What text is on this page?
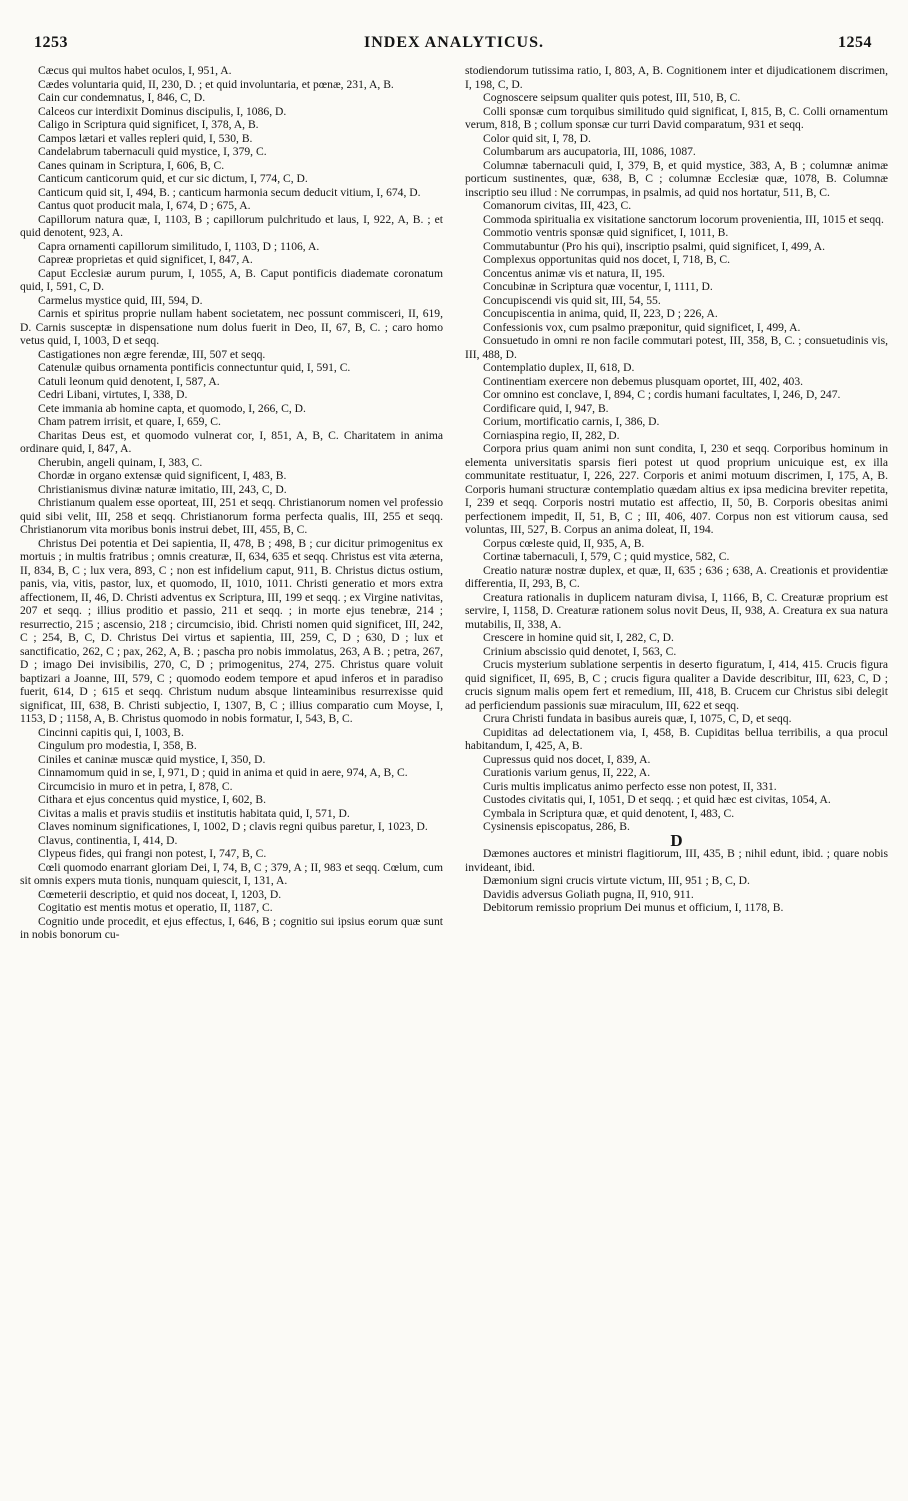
1253	INDEX ANALYTICUS.	1254

Cæcus qui multos habet oculos, I, 951, A.

Cædes voluntaria quid, II, 230, D. ; et quid involuntaria, et pœnæ, 231, A, B.

Cain cur condemnatus, I, 846, C, D.

Calceos cur interdixit Dominus discipulis, I, 1086, D.

Caligo in Scriptura quid significet, I, 378, A, B.

Campos lætari et valles repleri quid, I, 530, B.

Candelabrum tabernaculi quid mystice, I, 379, C.

Canes quinam in Scriptura, I, 606, B, C.

Canticum canticorum quid, et cur sic dictum, I, 774, C, D.

Canticum quid sit, I, 494, B. ; canticum harmonia secum deducit vitium, I, 674, D.

Cantus quot producit mala, I, 674, D ; 675, A.

Capillorum natura quæ, I, 1103, B ; capillorum pulchritudo et laus, I, 922, A, B. ; et quid denotent, 923, A.

Capra ornamenti capillorum similitudo, I, 1103, D ; 1106, A.

Capreæ proprietas et quid significet, I, 847, A.

Caput Ecclesiæ aurum purum, I, 1055, A, B. Caput pontificis diademate coronatum quid, I, 591, C, D.

Carmelus mystice quid, III, 594, D.

Carnis et spiritus proprie nullam habent societatem, nec possunt commisceri, II, 619, D. Carnis susceptæ in dispensatione num dolus fuerit in Deo, II, 67, B, C. ; caro homo vetus quid, I, 1003, D et seqq.

Castigationes non ægre ferendæ, III, 507 et seqq.

Catenulæ quibus ornamenta pontificis connectuntur quid, I, 591, C.

Catuli leonum quid denotent, I, 587, A.

Cedri Libani, virtutes, I, 338, D.

Cete immania ab homine capta, et quomodo, I, 266, C, D.

Cham patrem irrisit, et quare, I, 659, C.

Charitas Deus est, et quomodo vulnerat cor, I, 851, A, B, C. Charitatem in anima ordinare quid, I, 847, A.

Cherubin, angeli quinam, I, 383, C.

Chordæ in organo extensæ quid significent, I, 483, B.

Christianismus divinæ naturæ imitatio, III, 243, C, D.

Christianum qualem esse oporteat, III, 251 et seqq. Christianorum nomen vel professio quid sibi velit, III, 258 et seqq. Christianorum forma perfecta qualis, III, 255 et seqq. Christianorum vita moribus bonis instrui debet, III, 455, B, C.

Christus Dei potentia et Dei sapientia, II, 478, B ; 498, B ; cur dicitur primogenitus ex mortuis ; in multis fratribus ; omnis creaturæ, II, 634, 635 et seqq. Christus est vita æterna, II, 834, B, C ; lux vera, 893, C ; non est infidelium caput, 911, B. Christus dictus ostium, panis, via, vitis, pastor, lux, et quomodo, II, 1010, 1011. Christi generatio et mors extra affectionem, II, 46, D. Christi adventus ex Scriptura, III, 199 et seqq. ; ex Virgine nativitas, 207 et seqq. ; illius proditio et passio, 211 et seqq. ; in morte ejus tenebræ, 214 ; resurrectio, 215 ; ascensio, 218 ; circumcisio, ibid. Christi nomen quid significet, III, 242, C ; 254, B, C, D. Christus Dei virtus et sapientia, III, 259, C, D ; 630, D ; lux et sanctificatio, 262, C ; pax, 262, A, B. ; pascha pro nobis immolatus, 263, A B. ; petra, 267, D ; imago Dei invisibilis, 270, C, D ; primogenitus, 274, 275. Christus quare voluit baptizari a Joanne, III, 579, C ; quomodo eodem tempore et apud inferos et in paradiso fuerit, 614, D ; 615 et seqq. Christum nudum absque linteaminibus resurrexisse quid significat, III, 638, B. Christi subjectio, I, 1307, B, C ; illius comparatio cum Moyse, I, 1153, D ; 1158, A, B. Christus quomodo in nobis formatur, I, 543, B, C.

Cincinni capitis qui, I, 1003, B.

Cingulum pro modestia, I, 358, B.

Ciniles et caninæ muscæ quid mystice, I, 350, D.

Cinnamomum quid in se, I, 971, D ; quid in anima et quid in aere, 974, A, B, C.

Circumcisio in muro et in petra, I, 878, C.

Cithara et ejus concentus quid mystice, I, 602, B.

Civitas a malis et pravis studiis et institutis habitata quid, I, 571, D.

Claves nominum significationes, I, 1002, D ; clavis regni quibus paretur, I, 1023, D.

Clavus, continentia, I, 414, D.

Clypeus fides, qui frangi non potest, I, 747, B, C.

Cœli quomodo enarrant gloriam Dei, I, 74, B, C ; 379, A ; II, 983 et seqq. Cœlum, cum sit omnis expers muta tionis, nunquam quiescit, I, 131, A.

Cœmeterii descriptio, et quid nos doceat, I, 1203, D.

Cogitatio est mentis motus et operatio, II, 1187, C.

Cognitio unde procedit, et ejus effectus, I, 646, B ; cognitio sui ipsius eorum quæ sunt in nobis bonorum cu-

stodiendorum tutissima ratio, I, 803, A, B. Cognitionem inter et dijudicationem discrimen, I, 198, C, D.

Cognoscere seipsum qualiter quis potest, III, 510, B, C.

Colli sponsæ cum torquibus similitudo quid significat, I, 815, B, C. Colli ornamentum verum, 818, B ; collum sponsæ cur turri David comparatum, 931 et seqq.

Color quid sit, I, 78, D.

Columbarum ars aucupatoria, III, 1086, 1087.

Columnæ tabernaculi quid, I, 379, B, et quid mystice, 383, A, B ; columnæ animæ porticum sustinentes, quæ, 638, B, C ; columnæ Ecclesiæ quæ, 1078, B. Columnæ inscriptio seu illud : Ne corrumpas, in psalmis, ad quid nos hortatur, 511, B, C.

Comanorum civitas, III, 423, C.

Commoda spiritualia ex visitatione sanctorum locorum provenientia, III, 1015 et seqq.

Commotio ventris sponsæ quid significet, I, 1011, B.

Commutabuntur (Pro his qui), inscriptio psalmi, quid significet, I, 499, A.

Complexus opportunitas quid nos docet, I, 718, B, C.

Concentus animæ vis et natura, II, 195.

Concubinæ in Scriptura quæ vocentur, I, 1111, D.

Concupiscendi vis quid sit, III, 54, 55.

Concupiscentia in anima, quid, II, 223, D ; 226, A.

Confessionis vox, cum psalmo præponitur, quid significet, I, 499, A.

Consuetudo in omni re non facile commutari potest, III, 358, B, C. ; consuetudinis vis, III, 488, D.

Contemplatio duplex, II, 618, D.

Continentiam exercere non debemus plusquam oportet, III, 402, 403.

Cor omnino est conclave, I, 894, C ; cordis humani facultates, I, 246, D, 247.

Cordificare quid, I, 947, B.

Corium, mortificatio carnis, I, 386, D.

Corniaspina regio, II, 282, D.

Corpora prius quam animi non sunt condita, I, 230 et seqq. Corporibus hominum in elementa universitatis sparsis fieri potest ut quod proprium unicuique est, ex illa communitate restituatur, I, 226, 227. Corporis et animi motuum discrimen, I, 175, A, B. Corporis humani structuræ contemplatio quædam altius ex ipsa medicina breviter repetita, I, 239 et seqq. Corporis nostri mutatio est affectio, II, 50, B. Corporis obesitas animi perfectionem impedit, II, 51, B, C ; III, 406, 407. Corpus non est vitiorum causa, sed voluntas, III, 527, B. Corpus an anima doleat, II, 194.

Corpus cœleste quid, II, 935, A, B.

Cortinæ tabernaculi, I, 579, C ; quid mystice, 582, C.

Creatio naturæ nostræ duplex, et quæ, II, 635 ; 636 ; 638, A. Creationis et providentiæ differentia, II, 293, B, C.

Creatura rationalis in duplicem naturam divisa, I, 1166, B, C. Creaturæ proprium est servire, I, 1158, D. Creaturæ rationem solus novit Deus, II, 938, A. Creatura ex sua natura mutabilis, II, 338, A.

Crescere in homine quid sit, I, 282, C, D.

Crinium abscissio quid denotet, I, 563, C.

Crucis mysterium sublatione serpentis in deserto figuratum, I, 414, 415. Crucis figura quid significet, II, 695, B, C ; crucis figura qualiter a Davide describitur, III, 623, C, D ; crucis signum malis opem fert et remedium, III, 418, B. Crucem cur Christus sibi delegit ad perficiendum passionis suæ miraculum, III, 622 et seqq.

Crura Christi fundata in basibus aureis quæ, I, 1075, C, D, et seqq.

Cupiditas ad delectationem via, I, 458, B. Cupiditas bellua terribilis, a qua procul habitandum, I, 425, A, B.

Cupressus quid nos docet, I, 839, A.

Curationis varium genus, II, 222, A.

Curis multis implicatus animo perfecto esse non potest, II, 331.

Custodes civitatis qui, I, 1051, D et seqq. ; et quid hæc est civitas, 1054, A.

Cymbala in Scriptura quæ, et quid denotent, I, 483, C.

Cysinensis episcopatus, 286, B.

D

Dæmones auctores et ministri flagitiorum, III, 435, B ; nihil edunt, ibid. ; quare nobis invideant, ibid.

Dæmonium signi crucis virtute victum, III, 951 ; B, C, D.

Davidis adversus Goliath pugna, II, 910, 911.

Debitorum remissio proprium Dei munus et officium, I, 1178, B.
